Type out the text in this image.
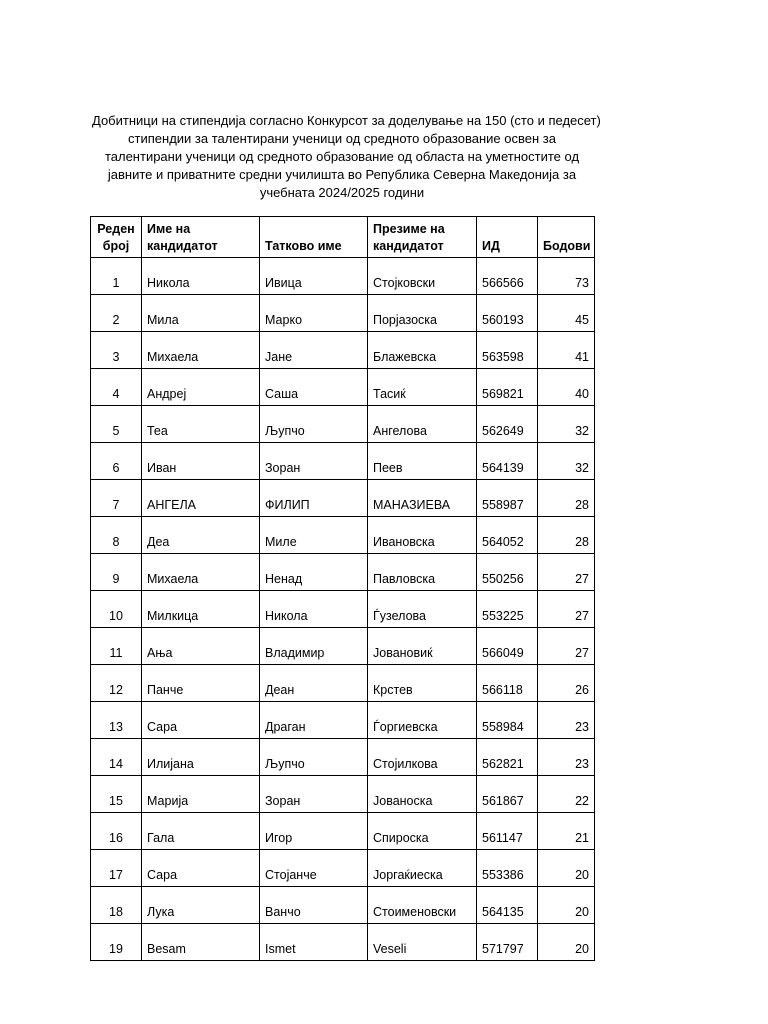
Добитници на стипендија согласно Конкурсот за доделување на 150 (сто и педесет)
стипендии за талентирани ученици од средното образование освен за
талентирани ученици од средното образование од областа на уметностите од
јавните и приватните средни училишта во Република Северна Македонија за
учебната 2024/2025 години
Реден број	Име на кандидатот	Татково име	Презиме на кандидатот	ИД	Бодови
1	Никола	Ивица	Стојковски	566566	73
2	Мила	Марко	Порјазоска	560193	45
3	Михаела	Јане	Блажевска	563598	41
4	Андреј	Саша	Тасиќ	569821	40
5	Теа	Љупчо	Ангелова	562649	32
6	Иван	Зоран	Пеев	564139	32
7	АНГЕЛА	ФИЛИП	МАНАЗИЕВА	558987	28
8	Деа	Миле	Ивановска	564052	28
9	Михаела	Ненад	Павловска	550256	27
10	Милкица	Никола	Ѓузелова	553225	27
11	Ања	Владимир	Јовановиќ	566049	27
12	Панче	Деан	Крстев	566118	26
13	Сара	Драган	Ѓоргиевска	558984	23
14	Илијана	Љупчо	Стојилкова	562821	23
15	Марија	Зоран	Јованоска	561867	22
16	Гала	Игор	Спироска	561147	21
17	Сара	Стојанче	Јоргаќиеска	553386	20
18	Лука	Ванчо	Стоименовски	564135	20
19	Besam	Ismet	Veseli	571797	20
